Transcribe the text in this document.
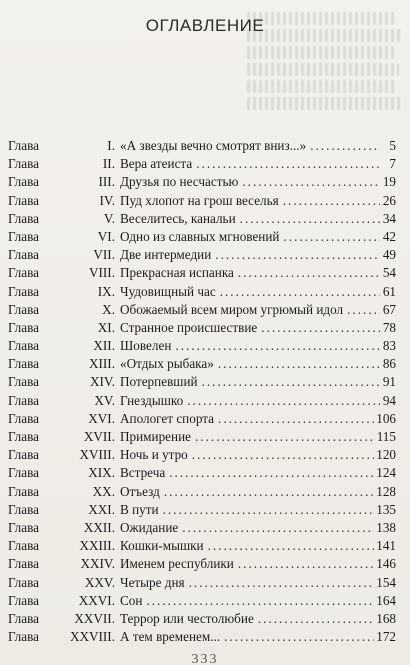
ОГЛАВЛЕНИЕ
Глава	I. «А звезды вечно смотрят вниз...» .....	5
Глава	II. Вера атеиста .....	7
Глава	III. Друзья по несчастью .....	19
Глава	IV. Пуд хлопот на грош веселья .....	26
Глава	V. Веселитесь, канальи .....	34
Глава	VI. Одно из славных мгновений .....	42
Глава	VII. Две интермедии .....	49
Глава	VIII. Прекрасная испанка .....	54
Глава	IX. Чудовищный час .....	61
Глава	X. Обожаемый всем миром угрюмый идол .....	67
Глава	XI. Странное происшествие .....	78
Глава	XII. Шовелен .....	83
Глава	XIII. «Отдых рыбака» .....	86
Глава	XIV. Потерпевший .....	91
Глава	XV. Гнездышко .....	94
Глава	XVI. Апологет спорта .....	106
Глава	XVII. Примирение .....	115
Глава	XVIII. Ночь и утро .....	120
Глава	XIX. Встреча .....	124
Глава	XX. Отъезд .....	128
Глава	XXI. В пути .....	135
Глава	XXII. Ожидание .....	138
Глава	XXIII. Кошки-мышки .....	141
Глава	XXIV. Именем республики .....	146
Глава	XXV. Четыре дня .....	154
Глава	XXVI. Сон .....	164
Глава	XXVII. Террор или честолюбие .....	168
Глава	XXVIII. А тем временем... .....	172
333
